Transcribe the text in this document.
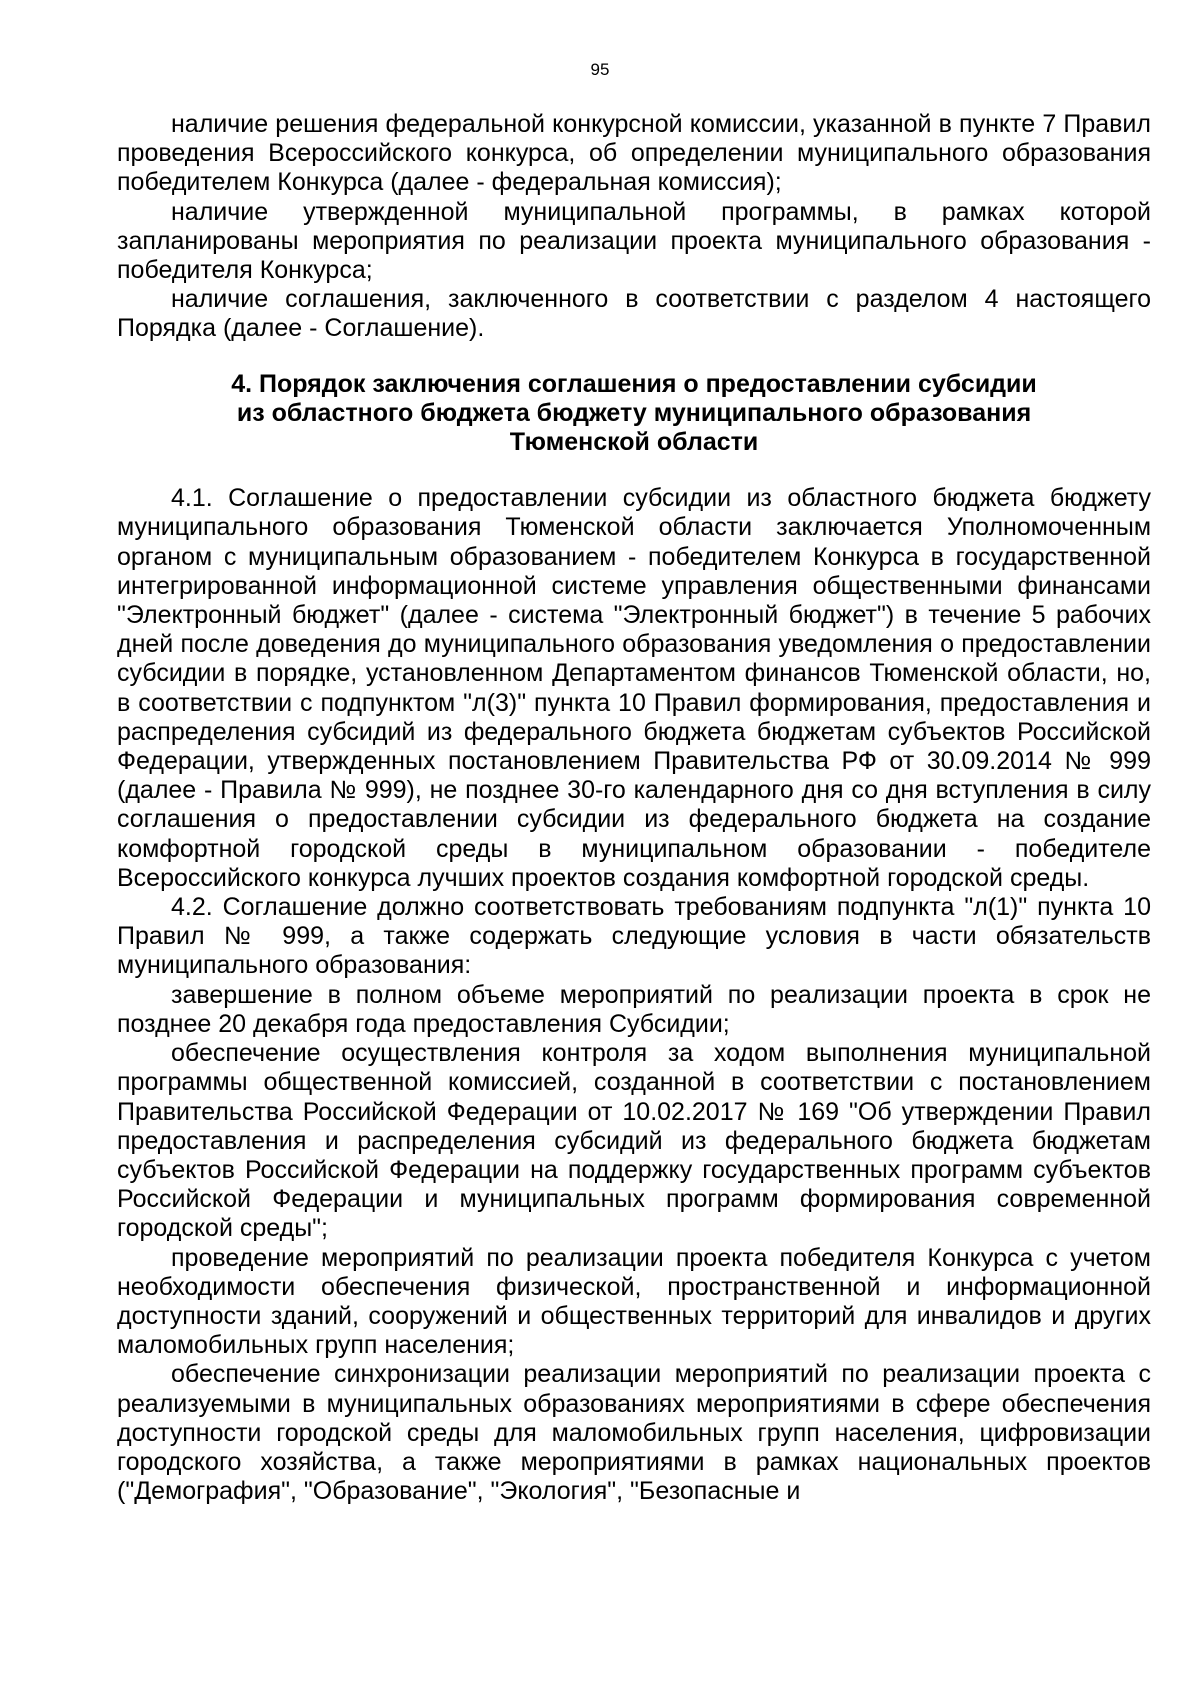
95

наличие решения федеральной конкурсной комиссии, указанной в пункте 7 Правил проведения Всероссийского конкурса, об определении муниципального образования победителем Конкурса (далее - федеральная комиссия);

наличие утвержденной муниципальной программы, в рамках которой запланированы мероприятия по реализации проекта муниципального образования - победителя Конкурса;

наличие соглашения, заключенного в соответствии с разделом 4 настоящего Порядка (далее - Соглашение).

4. Порядок заключения соглашения о предоставлении субсидии
из областного бюджета бюджету муниципального образования
Тюменской области

4.1. Соглашение о предоставлении субсидии из областного бюджета бюджету муниципального образования Тюменской области заключается Уполномоченным органом с муниципальным образованием - победителем Конкурса в государственной интегрированной информационной системе управления общественными финансами "Электронный бюджет" (далее - система "Электронный бюджет") в течение 5 рабочих дней после доведения до муниципального образования уведомления о предоставлении субсидии в порядке, установленном Департаментом финансов Тюменской области, но, в соответствии с подпунктом "л(3)" пункта 10 Правил формирования, предоставления и распределения субсидий из федерального бюджета бюджетам субъектов Российской Федерации, утвержденных постановлением Правительства РФ от 30.09.2014 № 999 (далее - Правила № 999), не позднее 30-го календарного дня со дня вступления в силу соглашения о предоставлении субсидии из федерального бюджета на создание комфортной городской среды в муниципальном образовании - победителе Всероссийского конкурса лучших проектов создания комфортной городской среды.

4.2. Соглашение должно соответствовать требованиям подпункта "л(1)" пункта 10 Правил № 999, а также содержать следующие условия в части обязательств муниципального образования:

завершение в полном объеме мероприятий по реализации проекта в срок не позднее 20 декабря года предоставления Субсидии;

обеспечение осуществления контроля за ходом выполнения муниципальной программы общественной комиссией, созданной в соответствии с постановлением Правительства Российской Федерации от 10.02.2017 № 169 "Об утверждении Правил предоставления и распределения субсидий из федерального бюджета бюджетам субъектов Российской Федерации на поддержку государственных программ субъектов Российской Федерации и муниципальных программ формирования современной городской среды";

проведение мероприятий по реализации проекта победителя Конкурса с учетом необходимости обеспечения физической, пространственной и информационной доступности зданий, сооружений и общественных территорий для инвалидов и других маломобильных групп населения;

обеспечение синхронизации реализации мероприятий по реализации проекта с реализуемыми в муниципальных образованиях мероприятиями в сфере обеспечения доступности городской среды для маломобильных групп населения, цифровизации городского хозяйства, а также мероприятиями в рамках национальных проектов ("Демография", "Образование", "Экология", "Безопасные и
